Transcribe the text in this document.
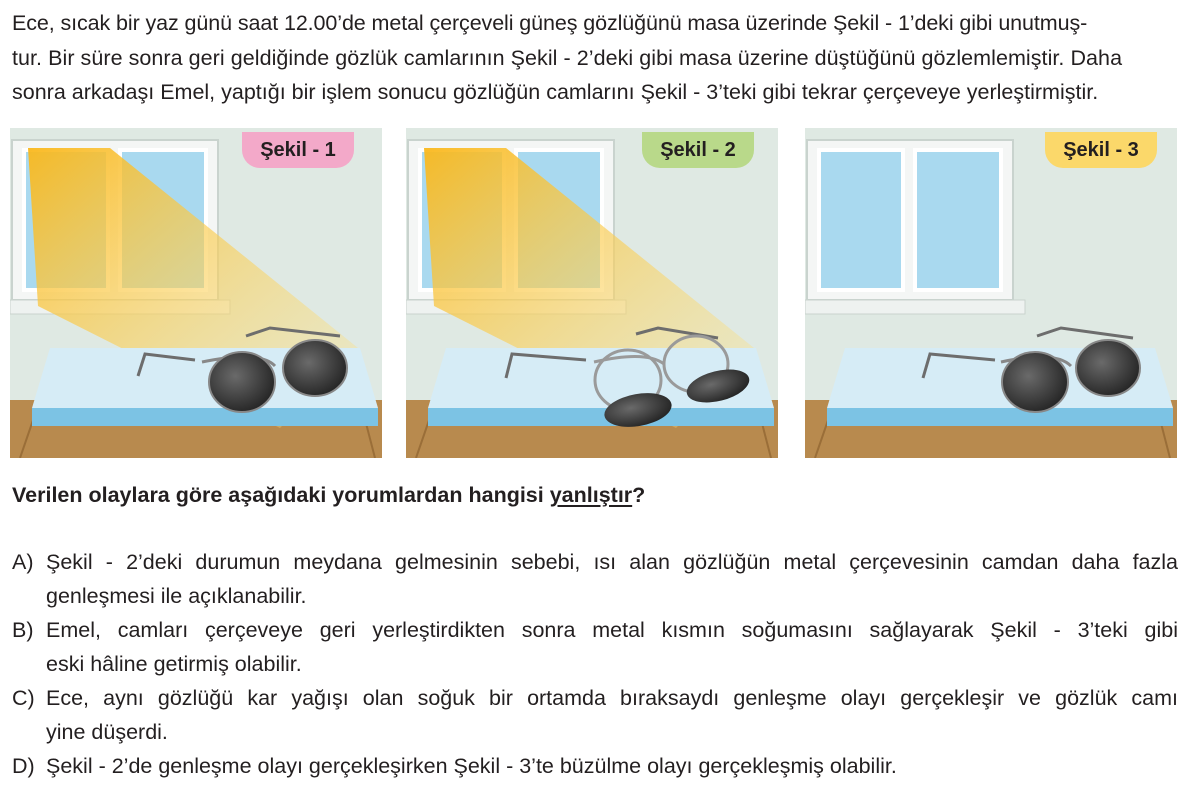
Ece, sıcak bir yaz günü saat 12.00’de metal çerçeveli güneş gözlüğünü masa üzerinde Şekil - 1’deki gibi unutmuş-
tur. Bir süre sonra geri geldiğinde gözlük camlarının Şekil - 2’deki gibi masa üzerine düştüğünü gözlemlemiştir. Daha
sonra arkadaşı Emel, yaptığı bir işlem sonucu gözlüğün camlarını Şekil - 3’teki gibi tekrar çerçeveye yerleştirmiştir.
Şekil - 1	Şekil - 2	Şekil - 3
Verilen olaylara göre aşağıdaki yorumlardan hangisi yanlıştır?
A) Şekil - 2’deki durumun meydana gelmesinin sebebi, ısı alan gözlüğün metal çerçevesinin camdan daha fazla
genleşmesi ile açıklanabilir.
B) Emel, camları çerçeveye geri yerleştirdikten sonra metal kısmın soğumasını sağlayarak Şekil - 3’teki gibi
eski hâline getirmiş olabilir.
C) Ece, aynı gözlüğü kar yağışı olan soğuk bir ortamda bıraksaydı genleşme olayı gerçekleşir ve gözlük camı
yine düşerdi.
D) Şekil - 2’de genleşme olayı gerçekleşirken Şekil - 3’te büzülme olayı gerçekleşmiş olabilir.
